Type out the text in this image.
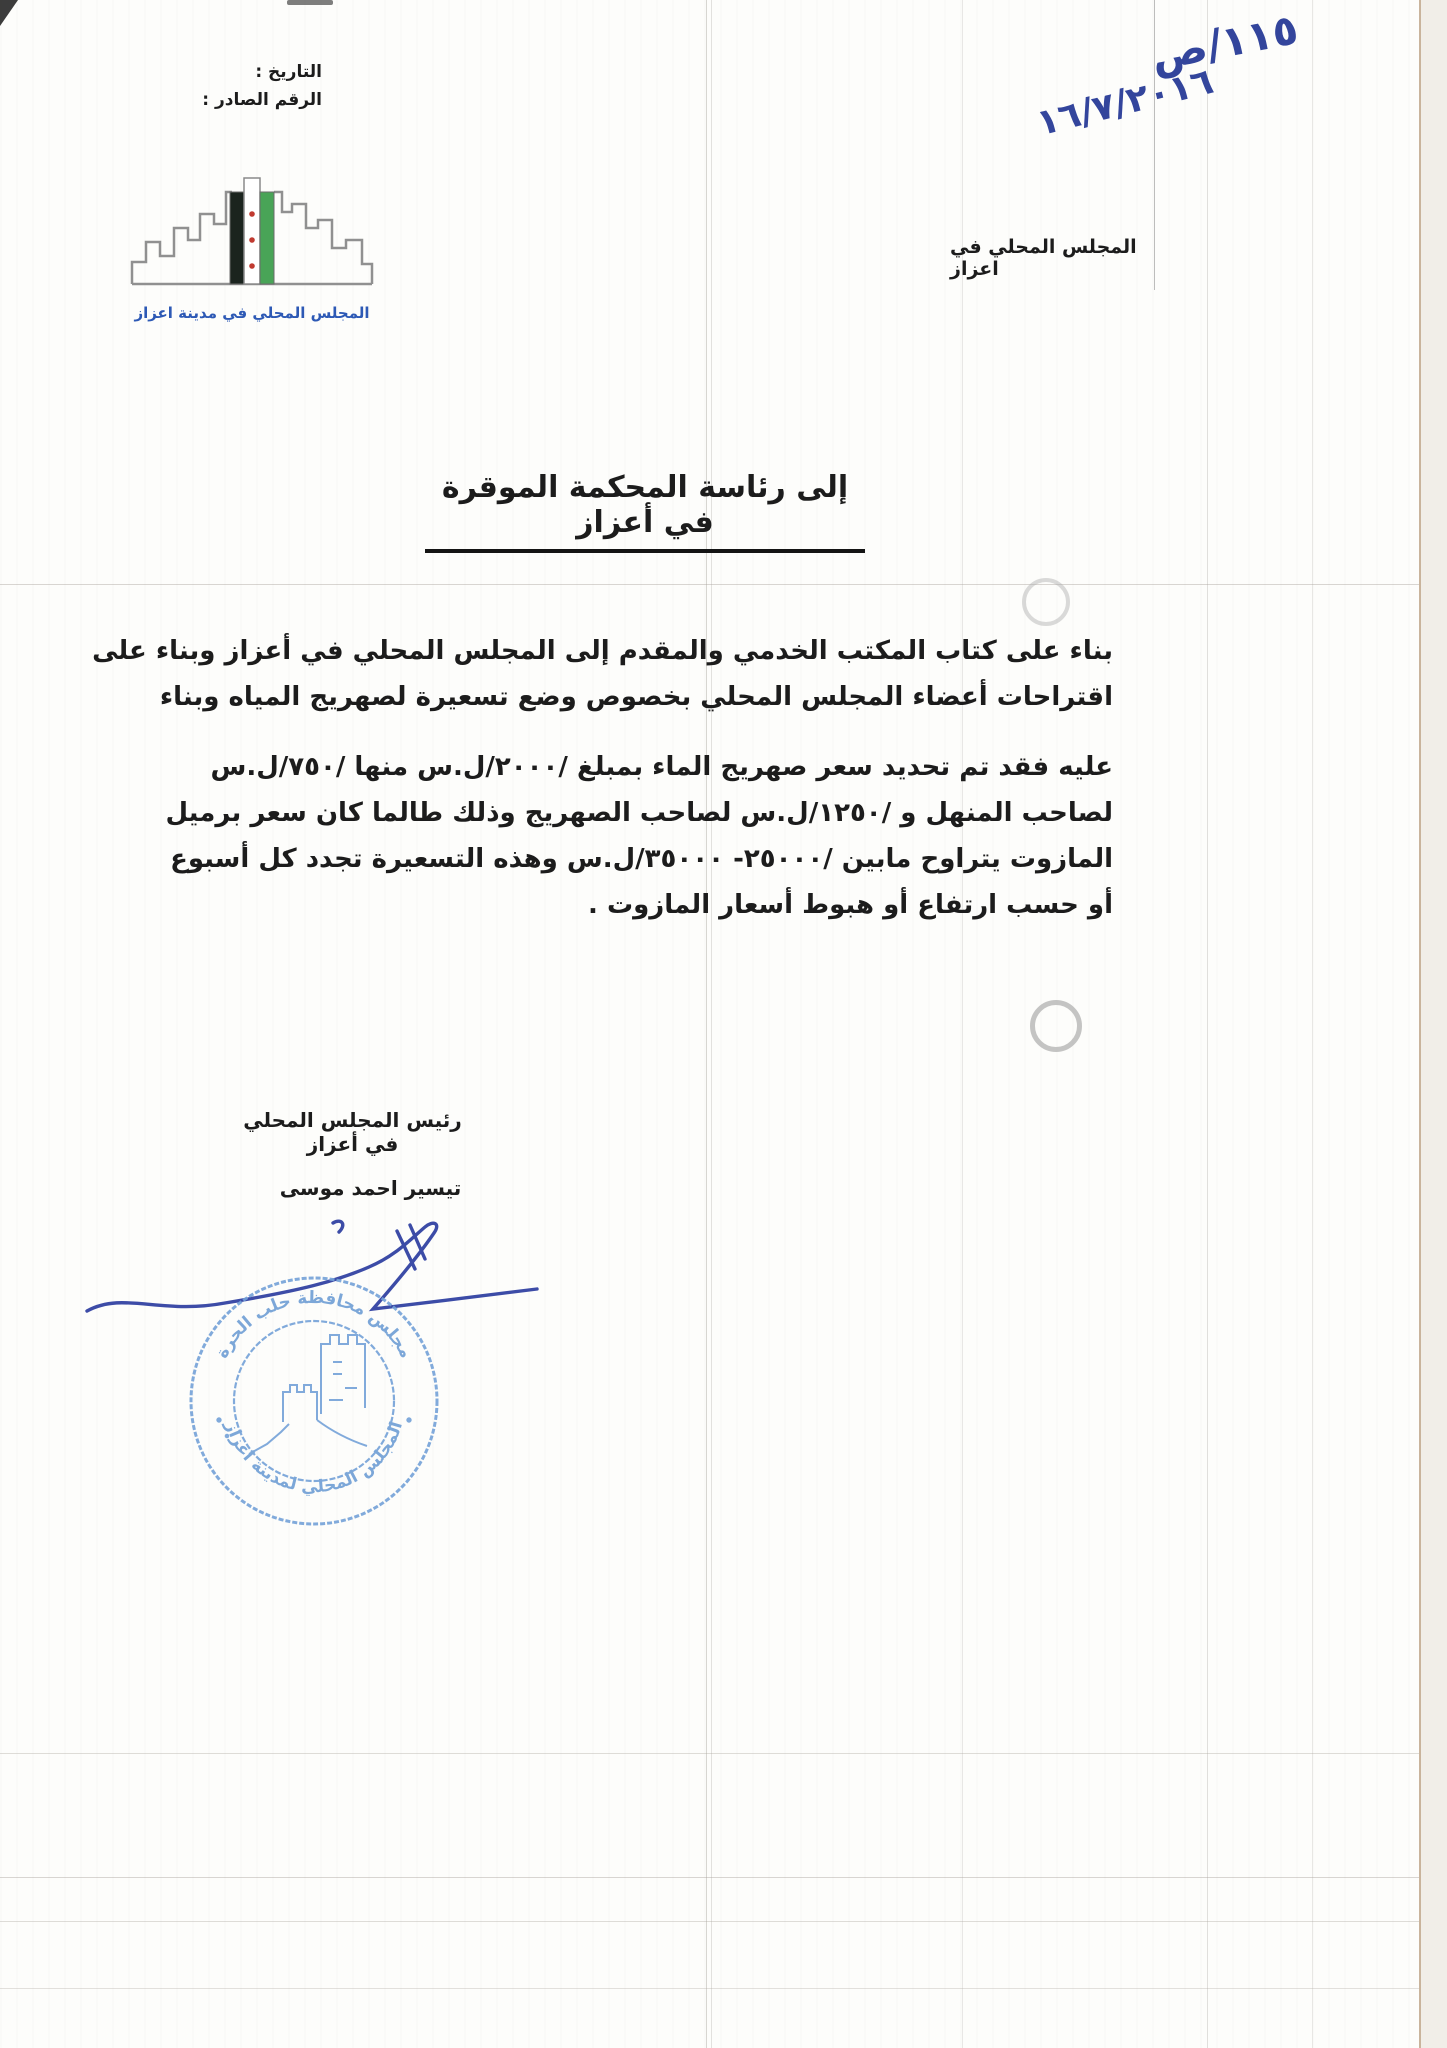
التاريخ :
الرقم الصادر :
١١٥/ص
١٦/٧/٢٠١٦
المجلس المحلي في مدينة اعزاز
المجلس المحلي في اعزاز
إلى رئاسة المحكمة الموقرة في أعزاز
بناء على كتاب المكتب الخدمي والمقدم إلى المجلس المحلي في أعزاز وبناء على
اقتراحات أعضاء المجلس المحلي بخصوص وضع تسعيرة لصهريج المياه وبناء
عليه فقد تم تحديد سعر صهريج الماء بمبلغ /٢٠٠٠/ل.س منها /٧٥٠/ل.س
لصاحب المنهل و /١٢٥٠/ل.س لصاحب الصهريج وذلك طالما كان سعر برميل
المازوت يتراوح مابين /٢٥٠٠٠- ٣٥٠٠٠/ل.س وهذه التسعيرة تجدد كل أسبوع
أو حسب ارتفاع أو هبوط أسعار المازوت .
رئيس المجلس المحلي في أعزاز
تيسير احمد موسى
مجلس محافظة حلب الحرة
المجلس المحلي لمدينة اعزاز
